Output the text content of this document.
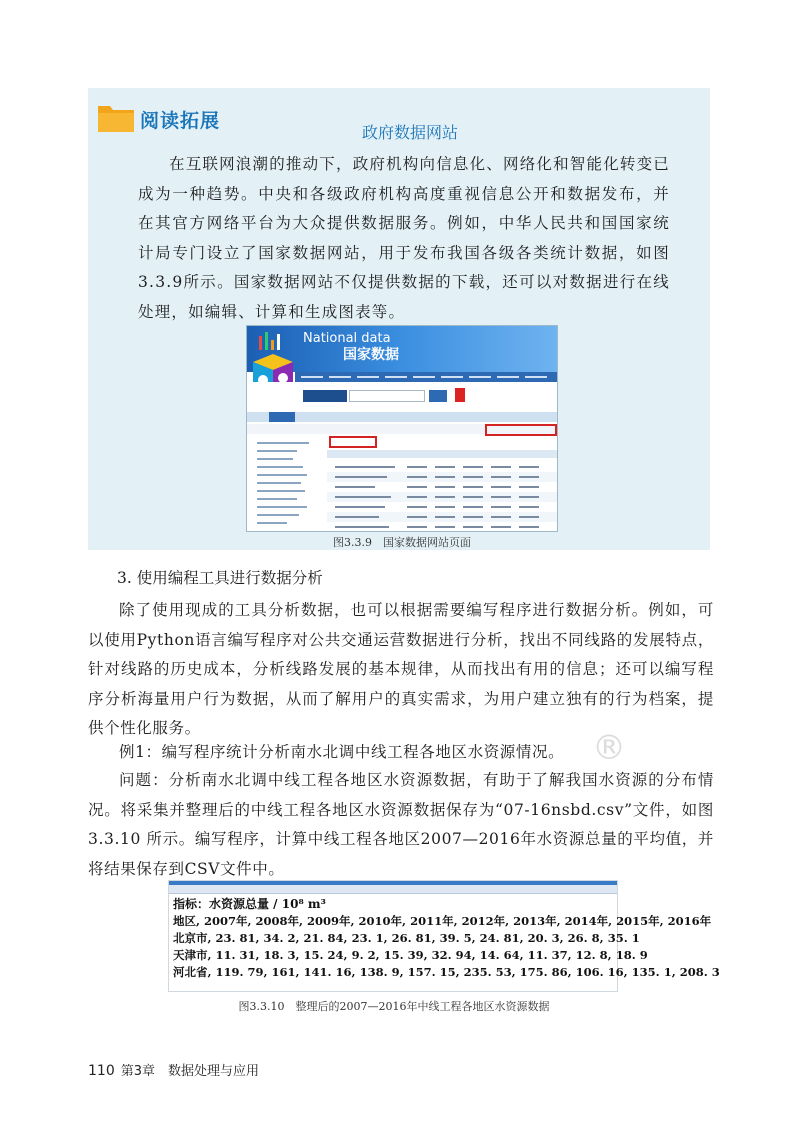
阅读拓展
政府数据网站

在互联网浪潮的推动下，政府机构向信息化、网络化和智能化转变已成为一种趋势。中央和各级政府机构高度重视信息公开和数据发布，并在其官方网络平台为大众提供数据服务。例如，中华人民共和国国家统计局专门设立了国家数据网站，用于发布我国各级各类统计数据，如图3.3.9所示。国家数据网站不仅提供数据的下载，还可以对数据进行在线处理，如编辑、计算和生成图表等。

National data
国家数据
图3.3.9　国家数据网站页面
3. 使用编程工具进行数据分析

除了使用现成的工具分析数据，也可以根据需要编写程序进行数据分析。例如，可以使用Python语言编写程序对公共交通运营数据进行分析，找出不同线路的发展特点，针对线路的历史成本，分析线路发展的基本规律，从而找出有用的信息；还可以编写程序分析海量用户行为数据，从而了解用户的真实需求，为用户建立独有的行为档案，提供个性化服务。	®

例1：编写程序统计分析南水北调中线工程各地区水资源情况。

问题：分析南水北调中线工程各地区水资源数据，有助于了解我国水资源的分布情况。将采集并整理后的中线工程各地区水资源数据保存为“07-16nsbd.csv”文件，如图3.3.10 所示。编写程序，计算中线工程各地区2007—2016年水资源总量的平均值，并将结果保存到CSV文件中。

指标：水资源总量 / 10⁸ m³
地区, 2007年, 2008年, 2009年, 2010年, 2011年, 2012年, 2013年, 2014年, 2015年, 2016年
北京市, 23. 81, 34. 2, 21. 84, 23. 1, 26. 81, 39. 5, 24. 81, 20. 3, 26. 8, 35. 1
天津市, 11. 31, 18. 3, 15. 24, 9. 2, 15. 39, 32. 94, 14. 64, 11. 37, 12. 8, 18. 9
河北省, 119. 79, 161, 141. 16, 138. 9, 157. 15, 235. 53, 175. 86, 106. 16, 135. 1, 208. 3
图3.3.10　整理后的2007—2016年中线工程各地区水资源数据
110 第3章　数据处理与应用
